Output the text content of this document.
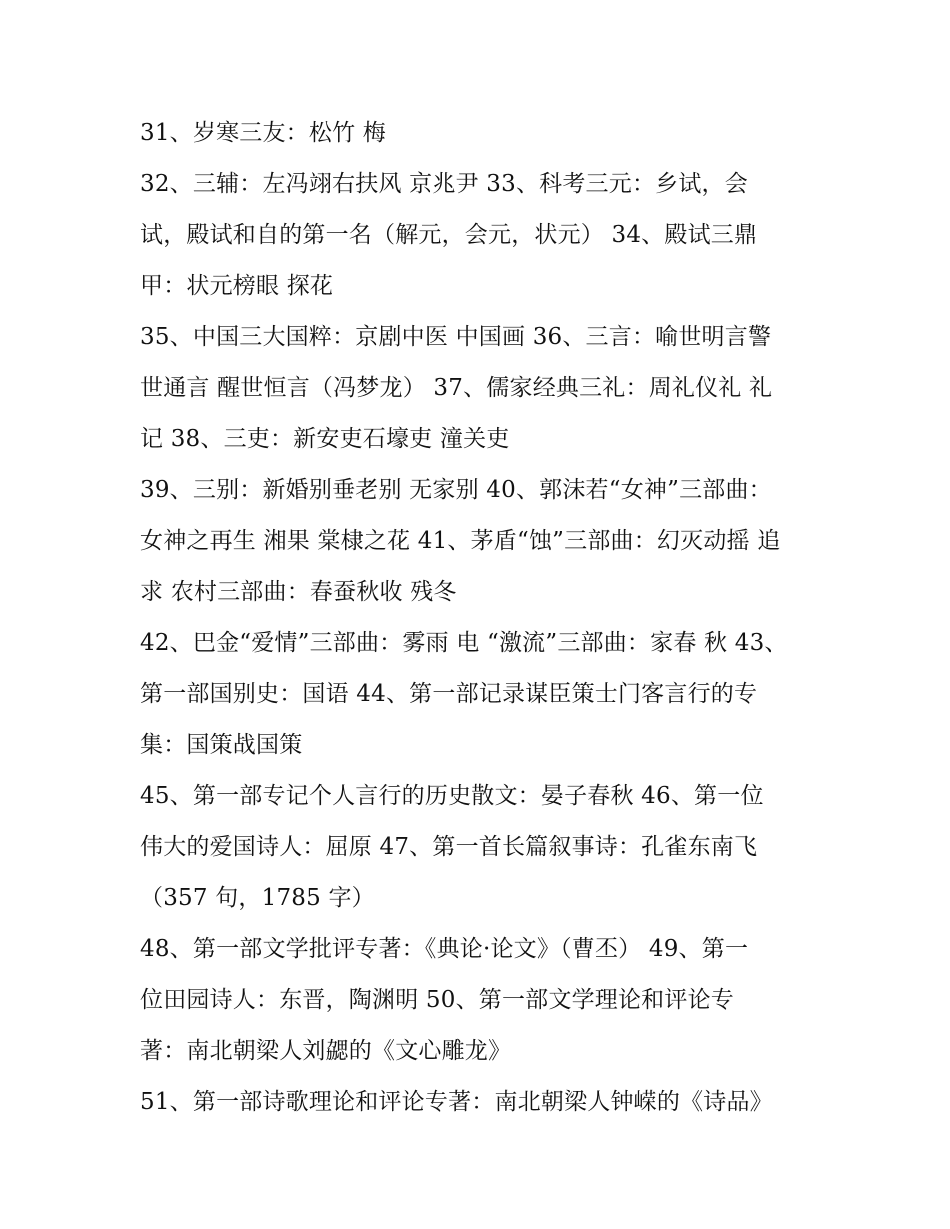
31、岁寒三友：松竹 梅
32、三辅：左冯翊右扶风 京兆尹 33、科考三元：乡试，会
试，殿试和自的第一名（解元，会元，状元） 34、殿试三鼎
甲：状元榜眼 探花
35、中国三大国粹：京剧中医 中国画 36、三言：喻世明言警
世通言 醒世恒言（冯梦龙） 37、儒家经典三礼：周礼仪礼 礼
记 38、三吏：新安吏石壕吏 潼关吏
39、三别：新婚别垂老别 无家别 40、郭沫若“女神”三部曲：
女神之再生 湘果 棠棣之花 41、茅盾“蚀”三部曲：幻灭动摇 追
求 农村三部曲：春蚕秋收 残冬
42、巴金“爱情”三部曲：雾雨 电 “激流”三部曲：家春 秋 43、
第一部国别史：国语 44、第一部记录谋臣策士门客言行的专
集：国策战国策
45、第一部专记个人言行的历史散文：晏子春秋 46、第一位
伟大的爱国诗人：屈原 47、第一首长篇叙事诗：孔雀东南飞
（357 句，1785 字）
48、第一部文学批评专著：《典论·论文》（曹丕） 49、第一
位田园诗人：东晋，陶渊明 50、第一部文学理论和评论专
著：南北朝梁人刘勰的《文心雕龙》
51、第一部诗歌理论和评论专著：南北朝梁人钟嵘的《诗品》
